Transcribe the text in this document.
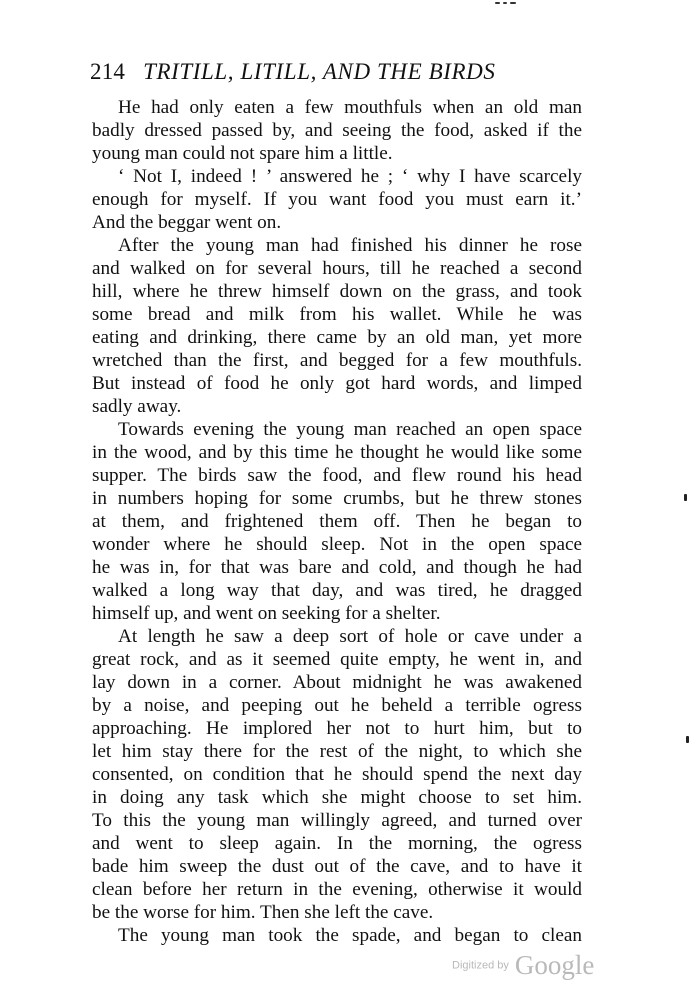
214 TRITILL, LITILL, AND THE BIRDS
He had only eaten a few mouthfuls when an old man
badly dressed passed by, and seeing the food, asked if the
young man could not spare him a little.
‘ Not I, indeed ! ’ answered he ; ‘ why I have scarcely
enough for myself. If you want food you must earn it.’
And the beggar went on.
After the young man had finished his dinner he rose
and walked on for several hours, till he reached a second
hill, where he threw himself down on the grass, and took
some bread and milk from his wallet. While he was
eating and drinking, there came by an old man, yet more
wretched than the first, and begged for a few mouthfuls.
But instead of food he only got hard words, and limped
sadly away.
Towards evening the young man reached an open space
in the wood, and by this time he thought he would like some
supper. The birds saw the food, and flew round his head
in numbers hoping for some crumbs, but he threw stones
at them, and frightened them off. Then he began to
wonder where he should sleep. Not in the open space
he was in, for that was bare and cold, and though he had
walked a long way that day, and was tired, he dragged
himself up, and went on seeking for a shelter.
At length he saw a deep sort of hole or cave under a
great rock, and as it seemed quite empty, he went in, and
lay down in a corner. About midnight he was awakened
by a noise, and peeping out he beheld a terrible ogress
approaching. He implored her not to hurt him, but to
let him stay there for the rest of the night, to which she
consented, on condition that he should spend the next day
in doing any task which she might choose to set him.
To this the young man willingly agreed, and turned over
and went to sleep again. In the morning, the ogress
bade him sweep the dust out of the cave, and to have it
clean before her return in the evening, otherwise it would
be the worse for him. Then she left the cave.
The young man took the spade, and began to clean
Digitized by Google
